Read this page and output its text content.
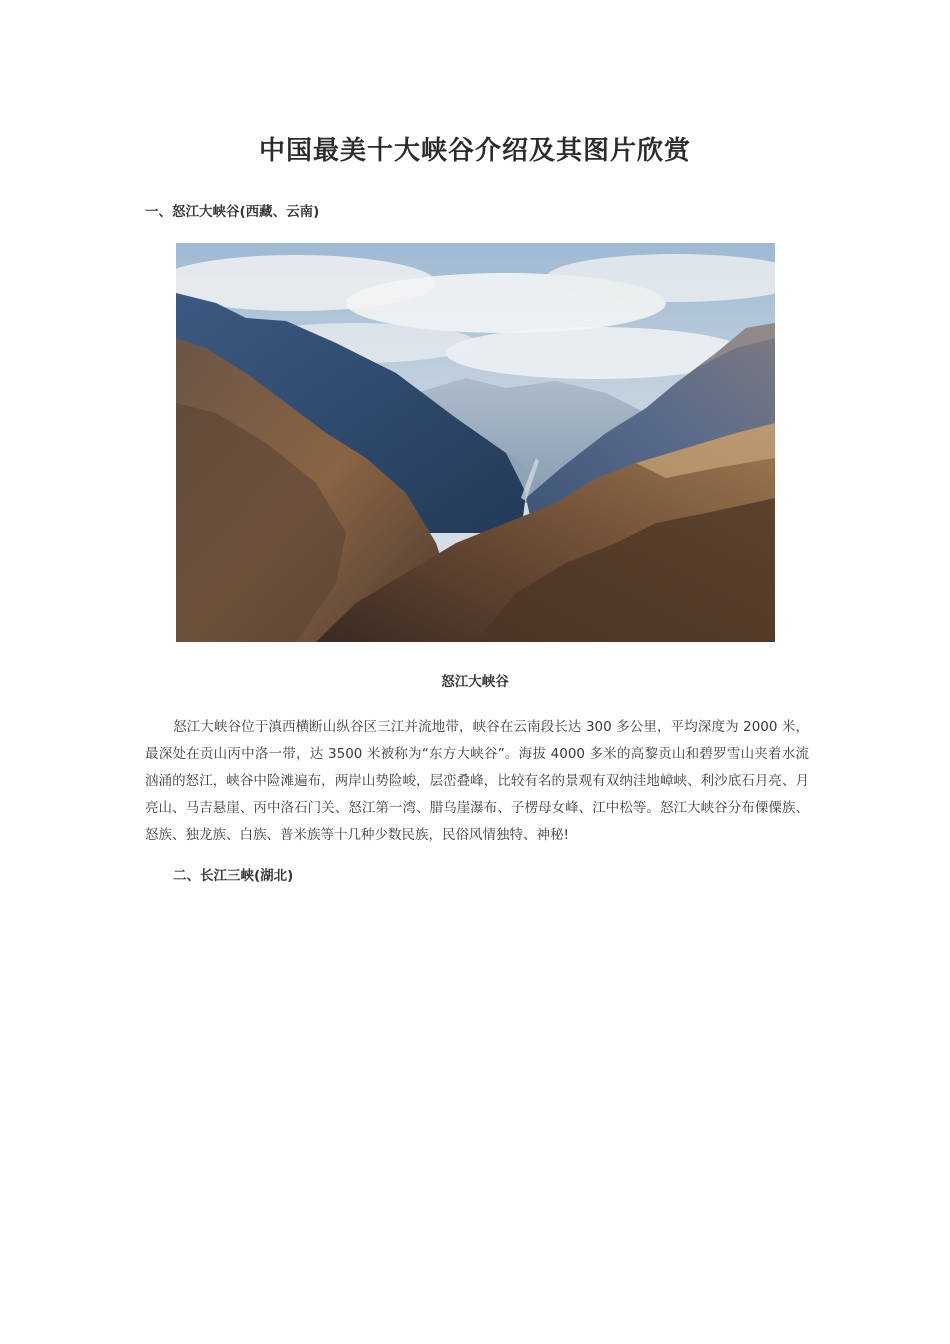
中国最美十大峡谷介绍及其图片欣赏
一、怒江大峡谷(西藏、云南)
怒江大峡谷

怒江大峡谷位于滇西横断山纵谷区三江并流地带，峡谷在云南段长达 300 多公里，平均深度为 2000 米，最深处在贡山丙中洛一带，达 3500 米被称为“东方大峡谷”。海拔 4000 多米的高黎贡山和碧罗雪山夹着水流汹涌的怒江，峡谷中险滩遍布，两岸山势险峻，层峦叠峰，比较有名的景观有双纳洼地嶂峡、利沙底石月亮、月亮山、马吉悬崖、丙中洛石门关、怒江第一湾、腊乌崖瀑布、子楞母女峰、江中松等。怒江大峡谷分布傈僳族、怒族、独龙族、白族、普米族等十几种少数民族，民俗风情独特、神秘!

二、长江三峡(湖北)
